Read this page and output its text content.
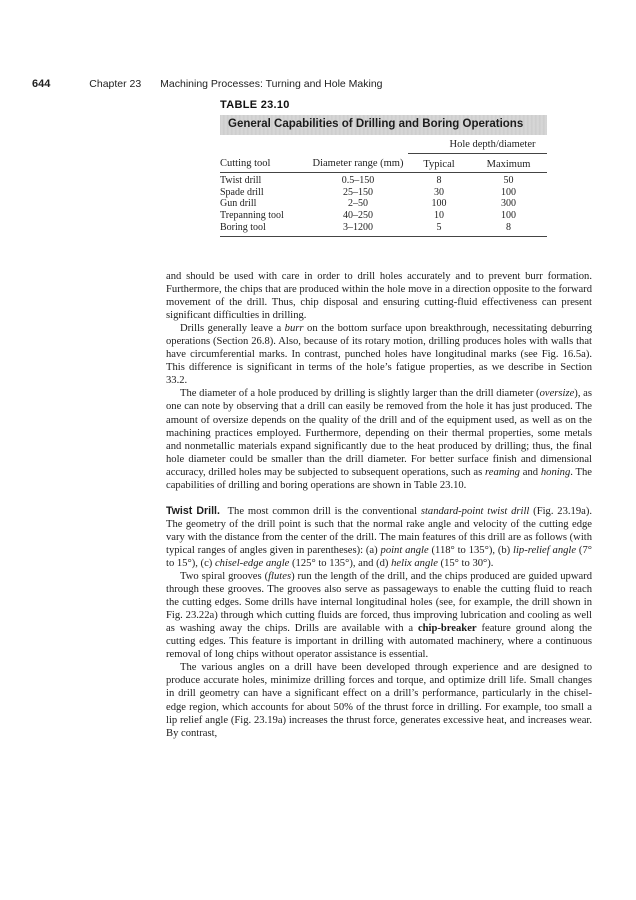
644	Chapter 23 Machining Processes: Turning and Hole Making
TABLE 23.10
General Capabilities of Drilling and Boring Operations
		Hole depth/diameter	
Cutting tool	Diameter range (mm)	Typical	Maximum
Twist drill	0.5–150	8	50
Spade drill	25–150	30	100
Gun drill	2–50	100	300
Trepanning tool	40–250	10	100
Boring tool	3–1200	5	8

and should be used with care in order to drill holes accurately and to prevent burr formation. Furthermore, the chips that are produced within the hole move in a direction opposite to the forward movement of the drill. Thus, chip disposal and ensuring cutting-fluid effectiveness can present significant difficulties in drilling.

Drills generally leave a burr on the bottom surface upon breakthrough, necessitating deburring operations (Section 26.8). Also, because of its rotary motion, drilling produces holes with walls that have circumferential marks. In contrast, punched holes have longitudinal marks (see Fig. 16.5a). This difference is significant in terms of the hole’s fatigue properties, as we describe in Section 33.2.

The diameter of a hole produced by drilling is slightly larger than the drill diameter (oversize), as one can note by observing that a drill can easily be removed from the hole it has just produced. The amount of oversize depends on the quality of the drill and of the equipment used, as well as on the machining practices employed. Furthermore, depending on their thermal properties, some metals and nonmetallic materials expand significantly due to the heat produced by drilling; thus, the final hole diameter could be smaller than the drill diameter. For better surface finish and dimensional accuracy, drilled holes may be subjected to subsequent operations, such as reaming and honing. The capabilities of drilling and boring operations are shown in Table 23.10.

Twist Drill. The most common drill is the conventional standard-point twist drill (Fig. 23.19a). The geometry of the drill point is such that the normal rake angle and velocity of the cutting edge vary with the distance from the center of the drill. The main features of this drill are as follows (with typical ranges of angles given in parentheses): (a) point angle (118° to 135°), (b) lip-relief angle (7° to 15°), (c) chisel-edge angle (125° to 135°), and (d) helix angle (15° to 30°).

Two spiral grooves (flutes) run the length of the drill, and the chips produced are guided upward through these grooves. The grooves also serve as passageways to enable the cutting fluid to reach the cutting edges. Some drills have internal longitudinal holes (see, for example, the drill shown in Fig. 23.22a) through which cutting fluids are forced, thus improving lubrication and cooling as well as washing away the chips. Drills are available with a chip-breaker feature ground along the cutting edges. This feature is important in drilling with automated machinery, where a continuous removal of long chips without operator assistance is essential.

The various angles on a drill have been developed through experience and are designed to produce accurate holes, minimize drilling forces and torque, and optimize drill life. Small changes in drill geometry can have a significant effect on a drill’s performance, particularly in the chisel-edge region, which accounts for about 50% of the thrust force in drilling. For example, too small a lip relief angle (Fig. 23.19a) increases the thrust force, generates excessive heat, and increases wear. By contrast,
